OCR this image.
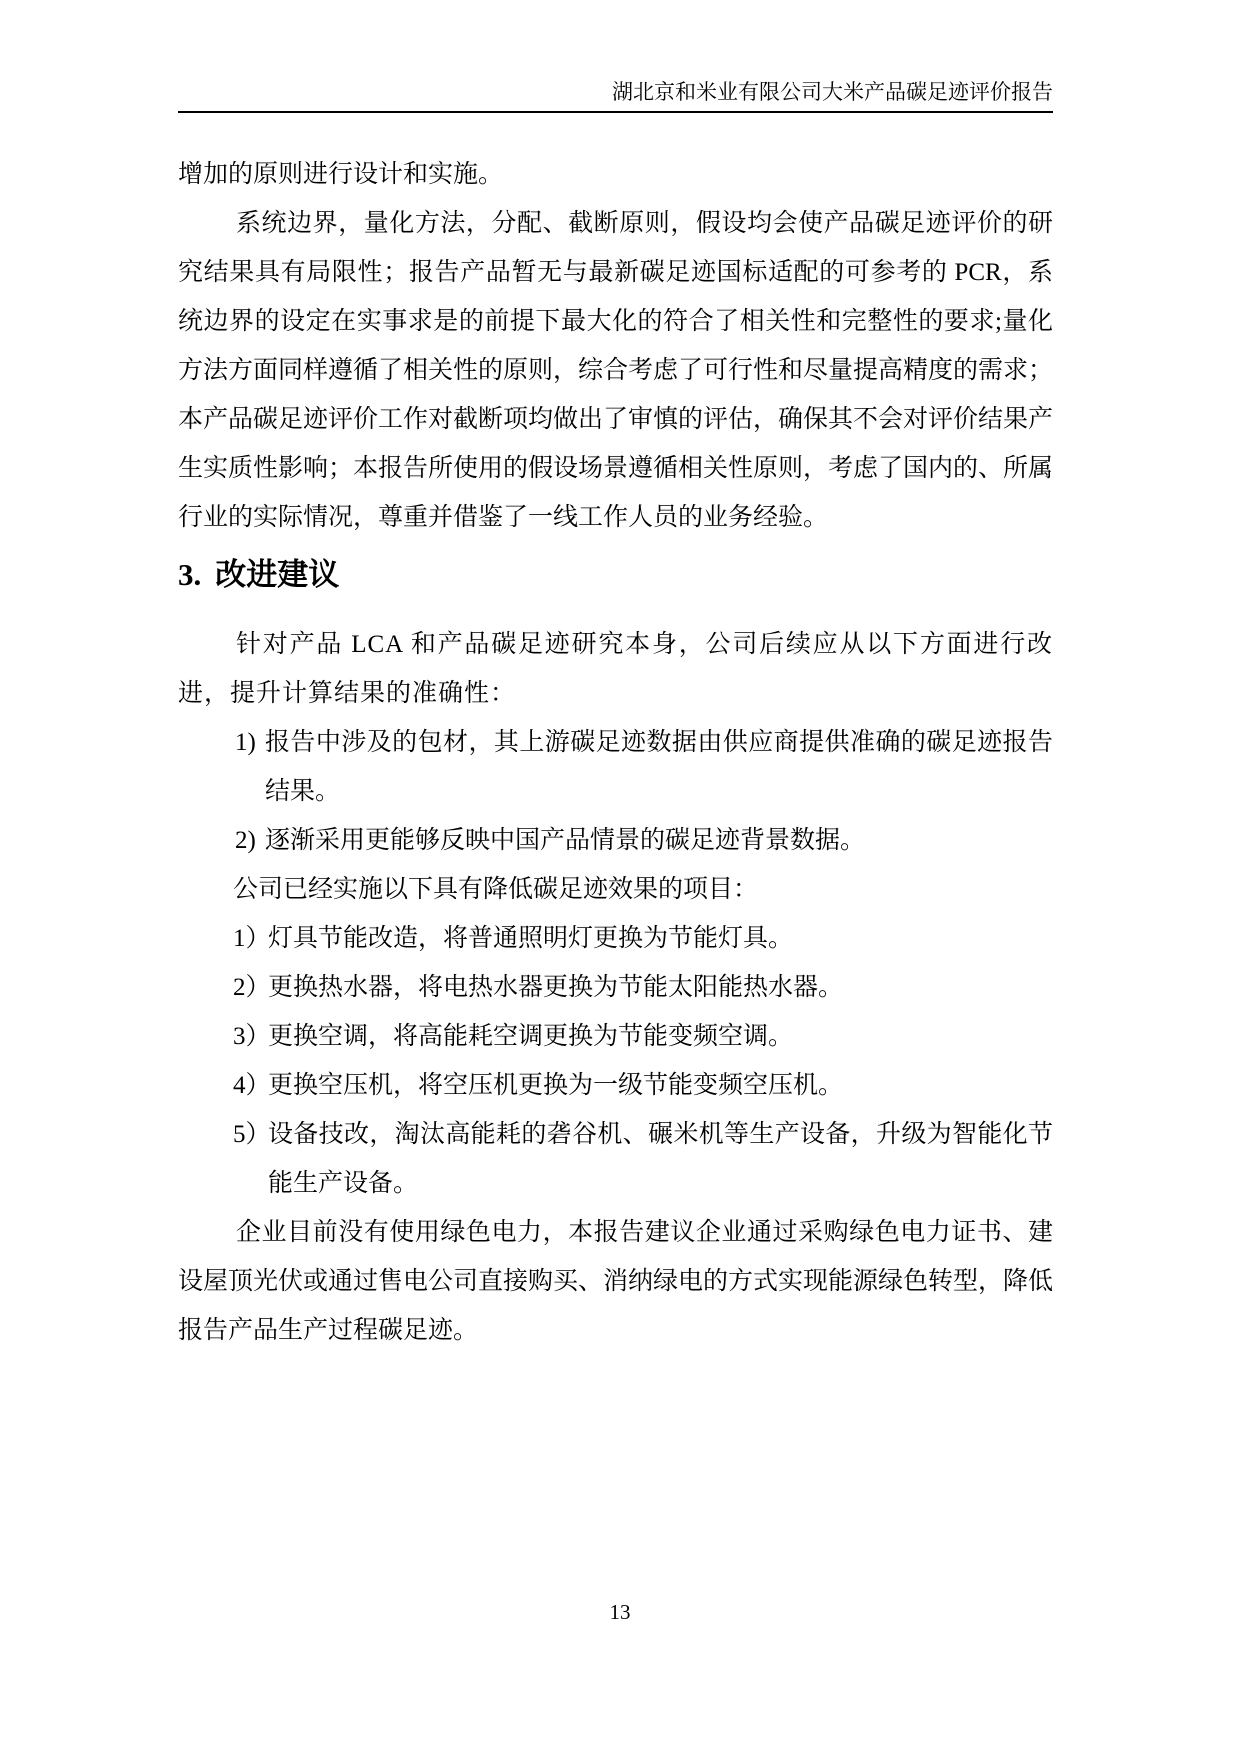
湖北京和米业有限公司大米产品碳足迹评价报告

增加的原则进行设计和实施。

系统边界，量化方法，分配、截断原则，假设均会使产品碳足迹评价的研究结果具有局限性；报告产品暂无与最新碳足迹国标适配的可参考的 PCR，系统边界的设定在实事求是的前提下最大化的符合了相关性和完整性的要求;量化方法方面同样遵循了相关性的原则，综合考虑了可行性和尽量提高精度的需求；本产品碳足迹评价工作对截断项均做出了审慎的评估，确保其不会对评价结果产生实质性影响；本报告所使用的假设场景遵循相关性原则，考虑了国内的、所属行业的实际情况，尊重并借鉴了一线工作人员的业务经验。

3. 改进建议

针对产品 LCA 和产品碳足迹研究本身，公司后续应从以下方面进行改进，提升计算结果的准确性：

1) 报告中涉及的包材，其上游碳足迹数据由供应商提供准确的碳足迹报告结果。
2) 逐渐采用更能够反映中国产品情景的碳足迹背景数据。

公司已经实施以下具有降低碳足迹效果的项目：

1）
灯具节能改造，将普通照明灯更换为节能灯具。
2）
更换热水器，将电热水器更换为节能太阳能热水器。
3）
更换空调，将高能耗空调更换为节能变频空调。
4）
更换空压机，将空压机更换为一级节能变频空压机。
5）
设备技改，淘汰高能耗的砻谷机、碾米机等生产设备，升级为智能化节能生产设备。

企业目前没有使用绿色电力，本报告建议企业通过采购绿色电力证书、建设屋顶光伏或通过售电公司直接购买、消纳绿电的方式实现能源绿色转型，降低报告产品生产过程碳足迹。

13
